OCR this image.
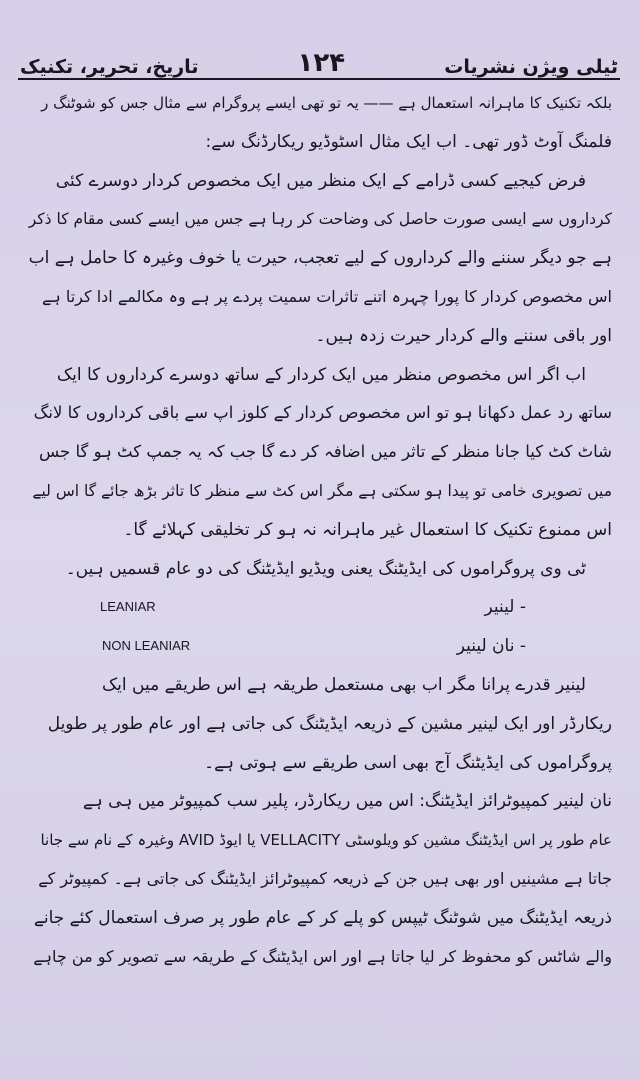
تاریخ، تحریر، تکنیک	۱۲۴	ٹیلی ویژن نشریات
بلکہ تکنیک کا ماہرانہ استعمال ہے —— یہ تو تھی ایسے پروگرام سے مثال جس کو شوٹنگ ر
فلمنگ آوٹ ڈور تھی۔ اب ایک مثال اسٹوڈیو ریکارڈنگ سے:
فرض کیجیے کسی ڈرامے کے ایک منظر میں ایک مخصوص کردار دوسرے کئی
کرداروں سے ایسی صورت حاصل کی وضاحت کر رہا ہے جس میں ایسے کسی مقام کا ذکر
ہے جو دیگر سننے والے کرداروں کے لیے تعجب، حیرت یا خوف وغیرہ کا حامل ہے اب
اس مخصوص کردار کا پورا چہرہ اتنے تاثرات سمیت پردے پر ہے وہ مکالمے ادا کرتا ہے
اور باقی سننے والے کردار حیرت زدہ ہیں۔
اب اگر اس مخصوص منظر میں ایک کردار کے ساتھ دوسرے کرداروں کا ایک
ساتھ رد عمل دکھانا ہو تو اس مخصوص کردار کے کلوز اپ سے باقی کرداروں کا لانگ
شاٹ کٹ کیا جانا منظر کے تاثر میں اضافہ کر دے گا جب کہ یہ جمپ کٹ ہو گا جس
میں تصویری خامی تو پیدا ہو سکتی ہے مگر اس کٹ سے منظر کا تاثر بڑھ جائے گا اس لیے
اس ممنوع تکنیک کا استعمال غیر ماہرانہ نہ ہو کر تخلیقی کہلائے گا۔
ٹی وی پروگراموں کی ایڈیٹنگ یعنی ویڈیو ایڈیٹنگ کی دو عام قسمیں ہیں۔
- لینیر
LEANIAR
- نان لینیر
NON LEANIAR
لینیر قدرے پرانا مگر اب بھی مستعمل طریقہ ہے اس طریقے میں ایک
ریکارڈر اور ایک لینیر مشین کے ذریعہ ایڈیٹنگ کی جاتی ہے اور عام طور پر طویل
پروگراموں کی ایڈیٹنگ آج بھی اسی طریقے سے ہوتی ہے۔
نان لینیر کمپیوٹرائز ایڈیٹنگ: اس میں ریکارڈر، پلیر سب کمپیوٹر میں ہی ہے
عام طور پر اس ایڈیٹنگ مشین کو ویلوسٹی VELLACITY یا ایوڈ AVID وغیرہ کے نام سے جانا
جاتا ہے مشینیں اور بھی ہیں جن کے ذریعہ کمپیوٹرائز ایڈیٹنگ کی جاتی ہے۔ کمپیوٹر کے
ذریعہ ایڈیٹنگ میں شوٹنگ ٹیپس کو پلے کر کے عام طور پر صرف استعمال کئے جانے
والے شاٹس کو محفوظ کر لیا جاتا ہے اور اس ایڈیٹنگ کے طریقہ سے تصویر کو من چاہے
